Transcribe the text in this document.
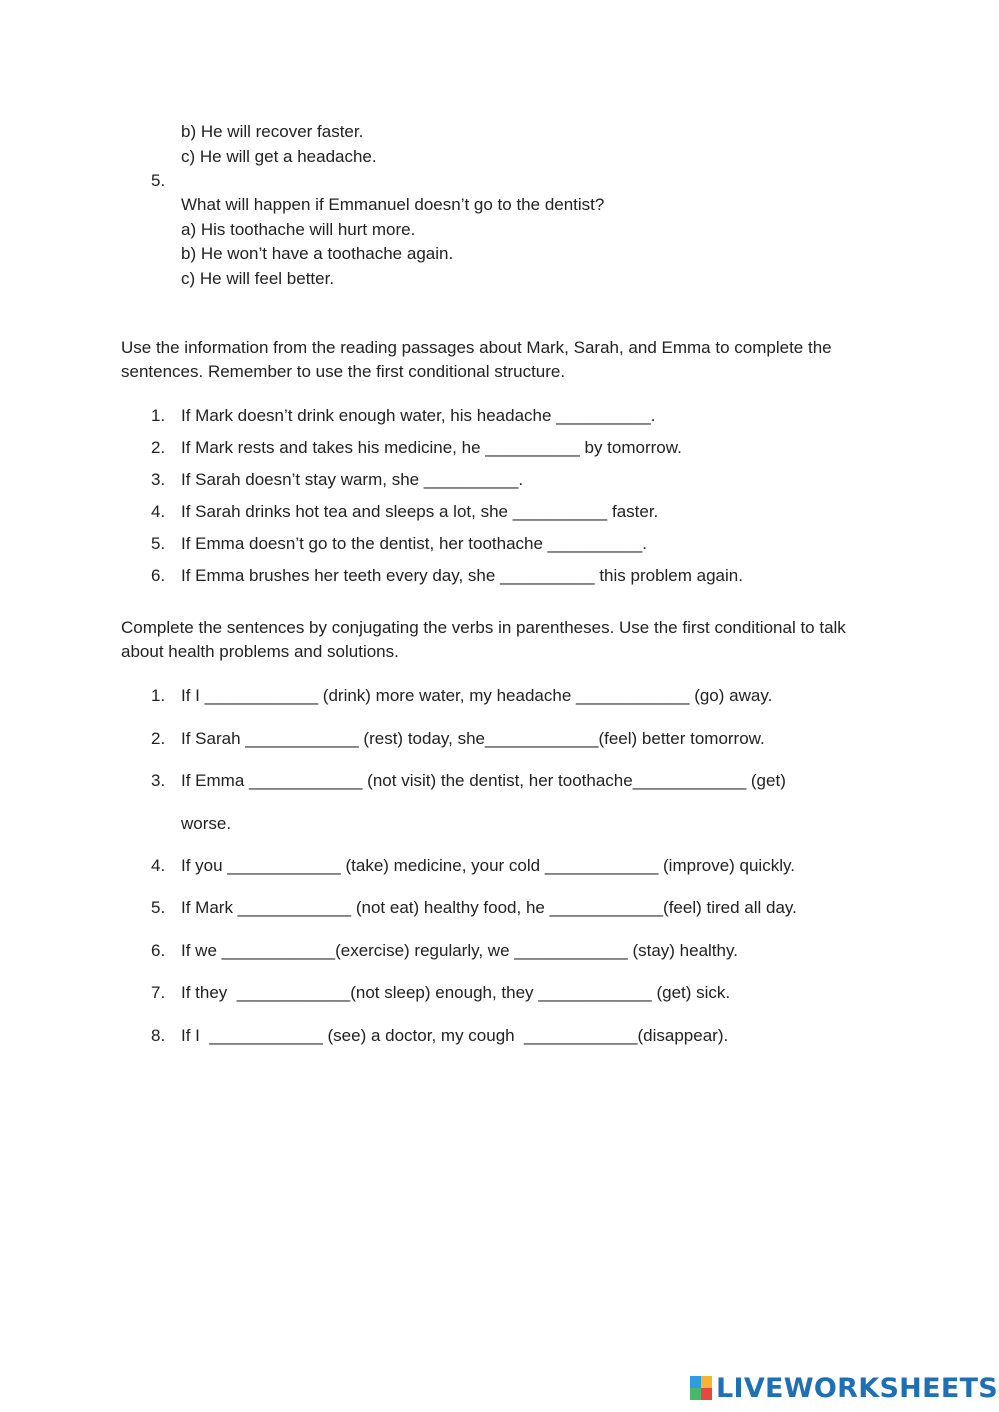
b) He will recover faster.
c) He will get a headache.
5.
What will happen if Emmanuel doesn’t go to the dentist?
a) His toothache will hurt more.
b) He won’t have a toothache again.
c) He will feel better.
Use the information from the reading passages about Mark, Sarah, and Emma to complete the sentences. Remember to use the first conditional structure.
1. If Mark doesn’t drink enough water, his headache __________.
2. If Mark rests and takes his medicine, he __________ by tomorrow.
3. If Sarah doesn’t stay warm, she __________.
4. If Sarah drinks hot tea and sleeps a lot, she __________ faster.
5. If Emma doesn’t go to the dentist, her toothache __________.
6. If Emma brushes her teeth every day, she __________ this problem again.
Complete the sentences by conjugating the verbs in parentheses. Use the first conditional to talk about health problems and solutions.
1. If I ____________ (drink) more water, my headache ____________ (go) away.
2. If Sarah ____________ (rest) today, she____________(feel) better tomorrow.
3. If Emma ____________ (not visit) the dentist, her toothache____________ (get)
worse.
4. If you ____________ (take) medicine, your cold ____________ (improve) quickly.
5. If Mark ____________ (not eat) healthy food, he ____________(feel) tired all day.
6. If we ____________(exercise) regularly, we ____________ (stay) healthy.
7. If they  ____________(not sleep) enough, they ____________ (get) sick.
8. If I  ____________ (see) a doctor, my cough  ____________(disappear).
LIVEWORKSHEETS
